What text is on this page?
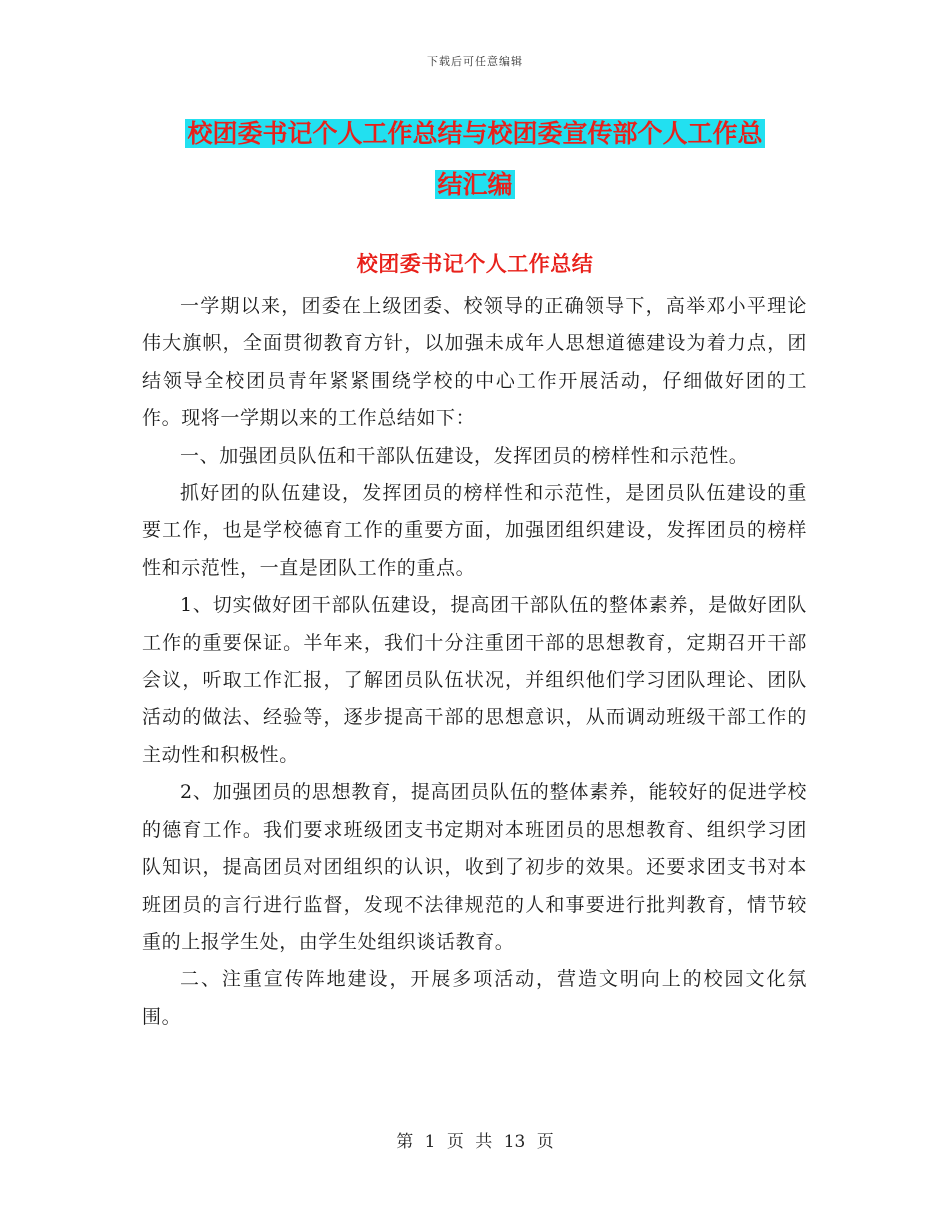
下载后可任意编辑
校团委书记个人工作总结与校团委宣传部个人工作总
结汇编
校团委书记个人工作总结

一学期以来，团委在上级团委、校领导的正确领导下，高举邓小平理论伟大旗帜，全面贯彻教育方针，以加强未成年人思想道德建设为着力点，团结领导全校团员青年紧紧围绕学校的中心工作开展活动，仔细做好团的工作。现将一学期以来的工作总结如下：

一、加强团员队伍和干部队伍建设，发挥团员的榜样性和示范性。

抓好团的队伍建设，发挥团员的榜样性和示范性，是团员队伍建设的重要工作，也是学校德育工作的重要方面，加强团组织建设，发挥团员的榜样性和示范性，一直是团队工作的重点。

1、切实做好团干部队伍建设，提高团干部队伍的整体素养，是做好团队工作的重要保证。半年来，我们十分注重团干部的思想教育，定期召开干部会议，听取工作汇报，了解团员队伍状况，并组织他们学习团队理论、团队活动的做法、经验等，逐步提高干部的思想意识，从而调动班级干部工作的主动性和积极性。

2、加强团员的思想教育，提高团员队伍的整体素养，能较好的促进学校的德育工作。我们要求班级团支书定期对本班团员的思想教育、组织学习团队知识，提高团员对团组织的认识，收到了初步的效果。还要求团支书对本班团员的言行进行监督，发现不法律规范的人和事要进行批判教育，情节较重的上报学生处，由学生处组织谈话教育。

二、注重宣传阵地建设，开展多项活动，营造文明向上的校园文化氛围。

第 1 页 共 13 页
